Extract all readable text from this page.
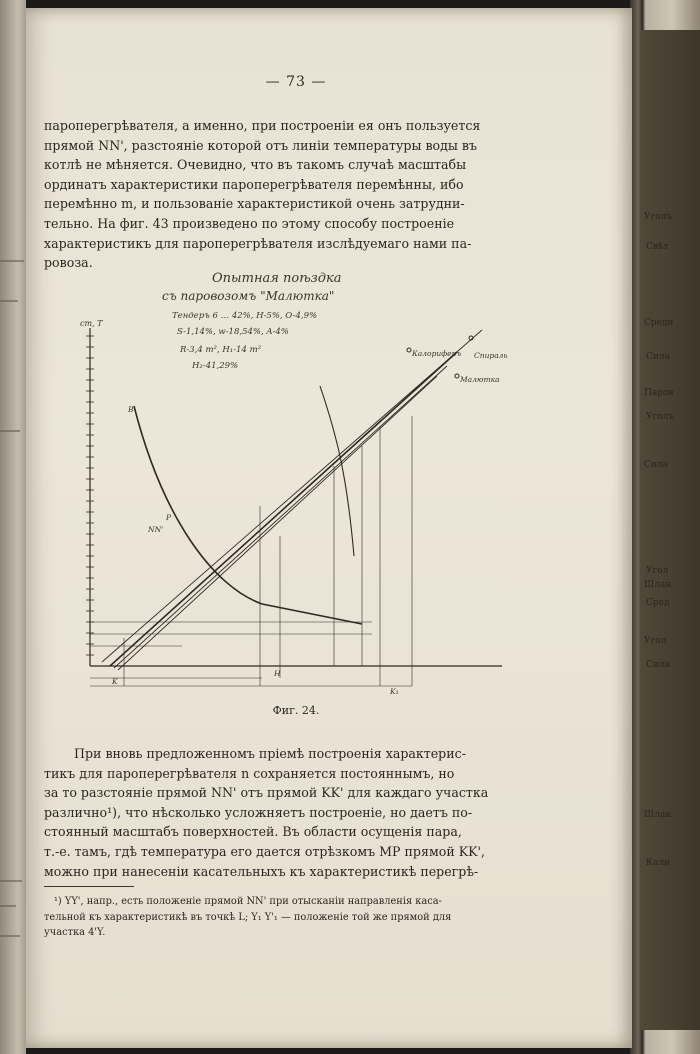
Уголъ
Свѣт
Средн
Сила
Паров
Уголъ
Сила
Угол
Шлан
Сред
Угол
Сила
Шлак
Кали
— 73 —
пароперегрѣвателя, а именно, при построеніи ея онъ пользуется
прямой NN', разстояніе которой отъ линіи температуры воды въ
котлѣ не мѣняется. Очевидно, что въ такомъ случаѣ масштабы
ординатъ характеристики пароперегрѣвателя перемѣнны, ибо
перемѣнно m, и пользованіе характеристикой очень затрудни-
тельно. На фиг. 43 произведено по этому способу построеніе
характеристикъ для пароперегрѣвателя изслѣдуемаго нами па-
ровоза.
Опытная поѣздка
съ паровозомъ "Малютка"
Тендеръ 6 … 42%, H-5%, O-4,9%
S-1,14%, w-18,54%, A-4%
R-3,4 m², H₁-14 m²
H₂-41,29%
cm, T
Спираль
Калориферъ
Малютка
B
P
NN'
K
H
K₁
Фиг. 24.
При вновь предложенномъ пріемѣ построенія характерис-
тикъ для пароперегрѣвателя n сохраняется постояннымъ, но
за то разстояніе прямой NN' отъ прямой KK' для каждаго участка
различно¹), что нѣсколько усложняетъ построеніе, но даетъ по-
стоянный масштабъ поверхностей. Въ области осущенія пара,
т.-е. тамъ, гдѣ температура его дается отрѣзкомъ MP прямой KK',
можно при нанесеніи касательныхъ къ характеристикѣ перегрѣ-
¹) YY', напр., есть положеніе прямой NN' при отысканіи направленія каса-
тельной къ характеристикѣ въ точкѣ L; Y₁ Y'₁ — положеніе той же прямой для
участка 4'Y.
